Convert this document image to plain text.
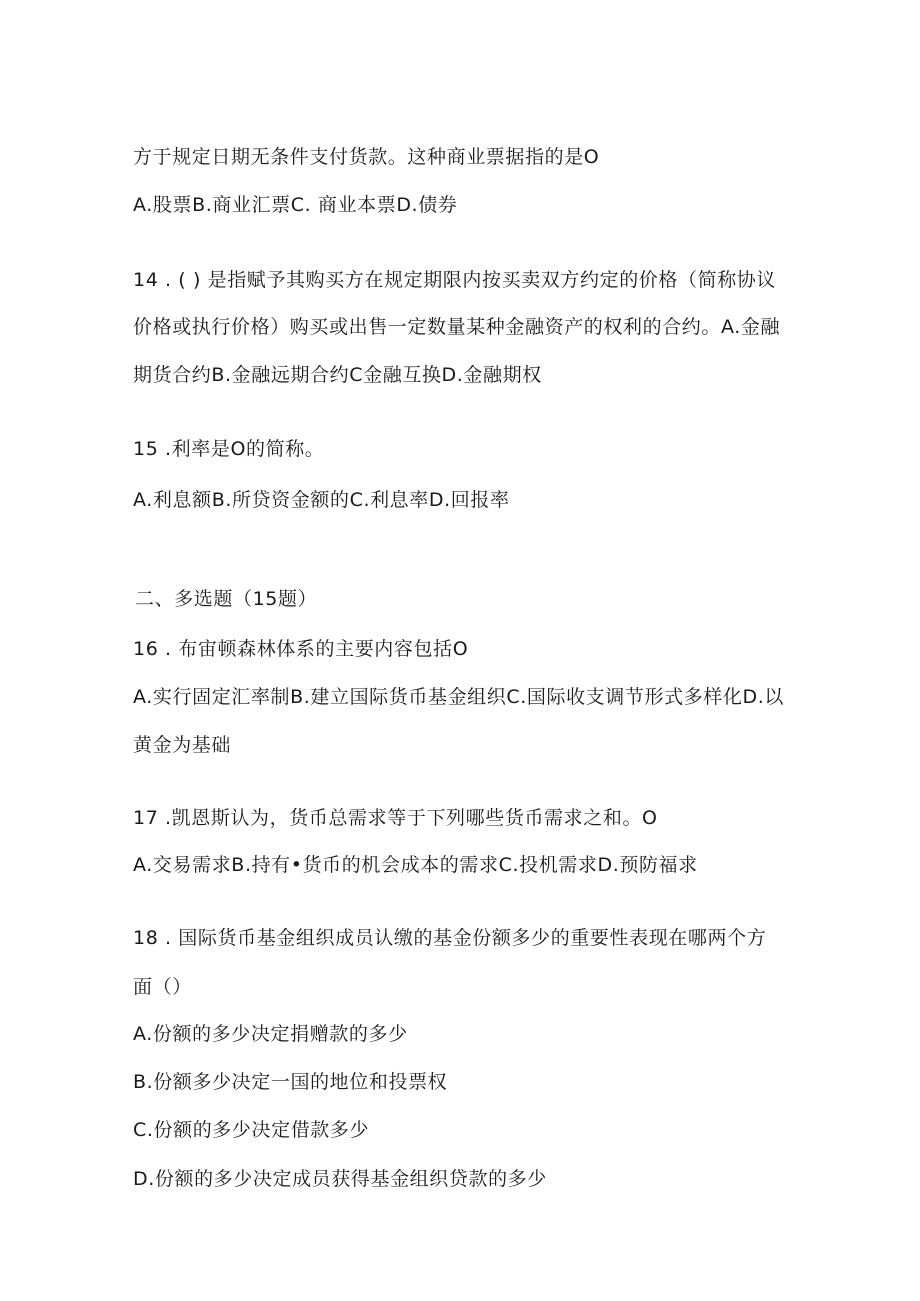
方于规定日期无条件支付货款。这种商业票据指的是O

A.股票B.商业汇票C. 商业本票D.债券

14 . ( ) 是指赋予其购买方在规定期限内按买卖双方约定的价格（简称协议

价格或执行价格）购买或出售一定数量某种金融资产的权利的合约。A.金融

期货合约B.金融远期合约C金融互换D.金融期权

15 .利率是O的简称。

A.利息额B.所贷资金额的C.利息率D.回报率

二、多选题（15题）

16 . 布宙顿森林体系的主要内容包括O

A.实行固定汇率制B.建立国际货币基金组织C.国际收支调节形式多样化D.以

黄金为基础

17 .凯恩斯认为，货币总需求等于下列哪些货币需求之和。O

A.交易需求B.持有•货币的机会成本的需求C.投机需求D.预防福求

18 . 国际货币基金组织成员认缴的基金份额多少的重要性表现在哪两个方

面（）

A.份额的多少决定捐赠款的多少

B.份额多少决定一国的地位和投票权

C.份额的多少决定借款多少

D.份额的多少决定成员获得基金组织贷款的多少
